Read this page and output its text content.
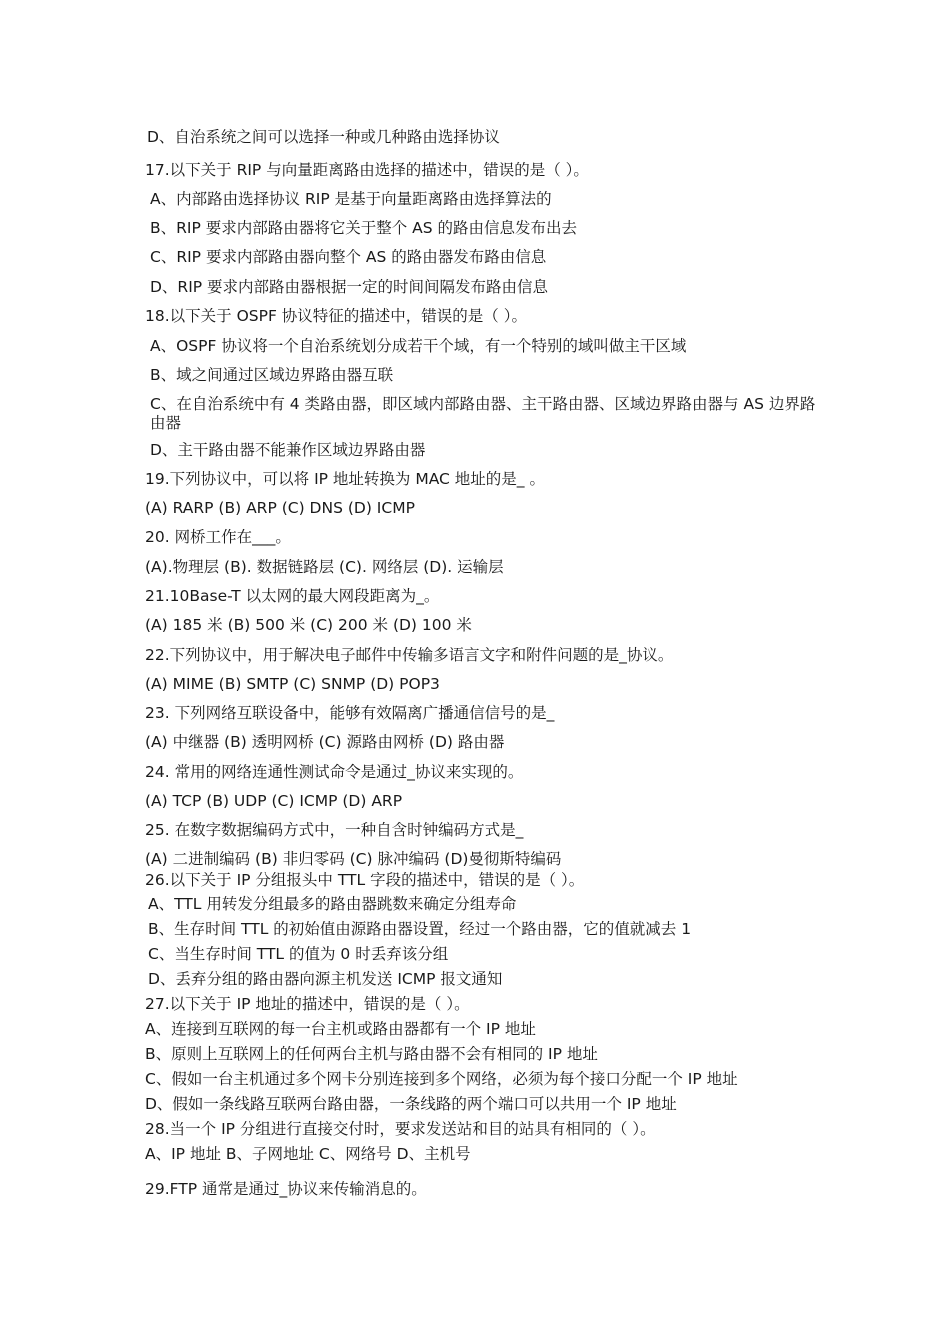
D、自治系统之间可以选择一种或几种路由选择协议
17.以下关于 RIP 与向量距离路由选择的描述中，错误的是（ ）。
A、内部路由选择协议 RIP 是基于向量距离路由选择算法的
B、RIP 要求内部路由器将它关于整个 AS 的路由信息发布出去
C、RIP 要求内部路由器向整个 AS 的路由器发布路由信息
D、RIP 要求内部路由器根据一定的时间间隔发布路由信息
18.以下关于 OSPF 协议特征的描述中，错误的是（ ）。
A、OSPF 协议将一个自治系统划分成若干个域，有一个特别的域叫做主干区域
B、域之间通过区域边界路由器互联
C、在自治系统中有 4 类路由器，即区域内部路由器、主干路由器、区域边界路由器与 AS 边界路由器
D、主干路由器不能兼作区域边界路由器
19.下列协议中，可以将 IP 地址转换为 MAC 地址的是_ 。
(A) RARP (B) ARP (C) DNS (D) ICMP
20. 网桥工作在___。
(A).物理层 (B). 数据链路层 (C). 网络层 (D). 运输层
21.10Base-T 以太网的最大网段距离为_。
(A) 185 米 (B) 500 米 (C) 200 米 (D) 100 米
22.下列协议中，用于解决电子邮件中传输多语言文字和附件问题的是_协议。
(A) MIME (B) SMTP (C) SNMP (D) POP3
23. 下列网络互联设备中，能够有效隔离广播通信信号的是_
(A) 中继器 (B) 透明网桥 (C) 源路由网桥 (D) 路由器
24. 常用的网络连通性测试命令是通过_协议来实现的。
(A) TCP (B) UDP (C) ICMP (D) ARP
25. 在数字数据编码方式中，一种自含时钟编码方式是_
(A) 二进制编码 (B) 非归零码 (C) 脉冲编码 (D)曼彻斯特编码
26.以下关于 IP 分组报头中 TTL 字段的描述中，错误的是（ ）。
A、TTL 用转发分组最多的路由器跳数来确定分组寿命
B、生存时间 TTL 的初始值由源路由器设置，经过一个路由器，它的值就减去 1
C、当生存时间 TTL 的值为 0 时丢弃该分组
D、丢弃分组的路由器向源主机发送 ICMP 报文通知
27.以下关于 IP 地址的描述中，错误的是（ ）。
A、连接到互联网的每一台主机或路由器都有一个 IP 地址
B、原则上互联网上的任何两台主机与路由器不会有相同的 IP 地址
C、假如一台主机通过多个网卡分别连接到多个网络，必须为每个接口分配一个 IP 地址
D、假如一条线路互联两台路由器，一条线路的两个端口可以共用一个 IP 地址
28.当一个 IP 分组进行直接交付时，要求发送站和目的站具有相同的（ ）。
A、IP 地址 B、子网地址 C、网络号 D、主机号
29.FTP 通常是通过_协议来传输消息的。
